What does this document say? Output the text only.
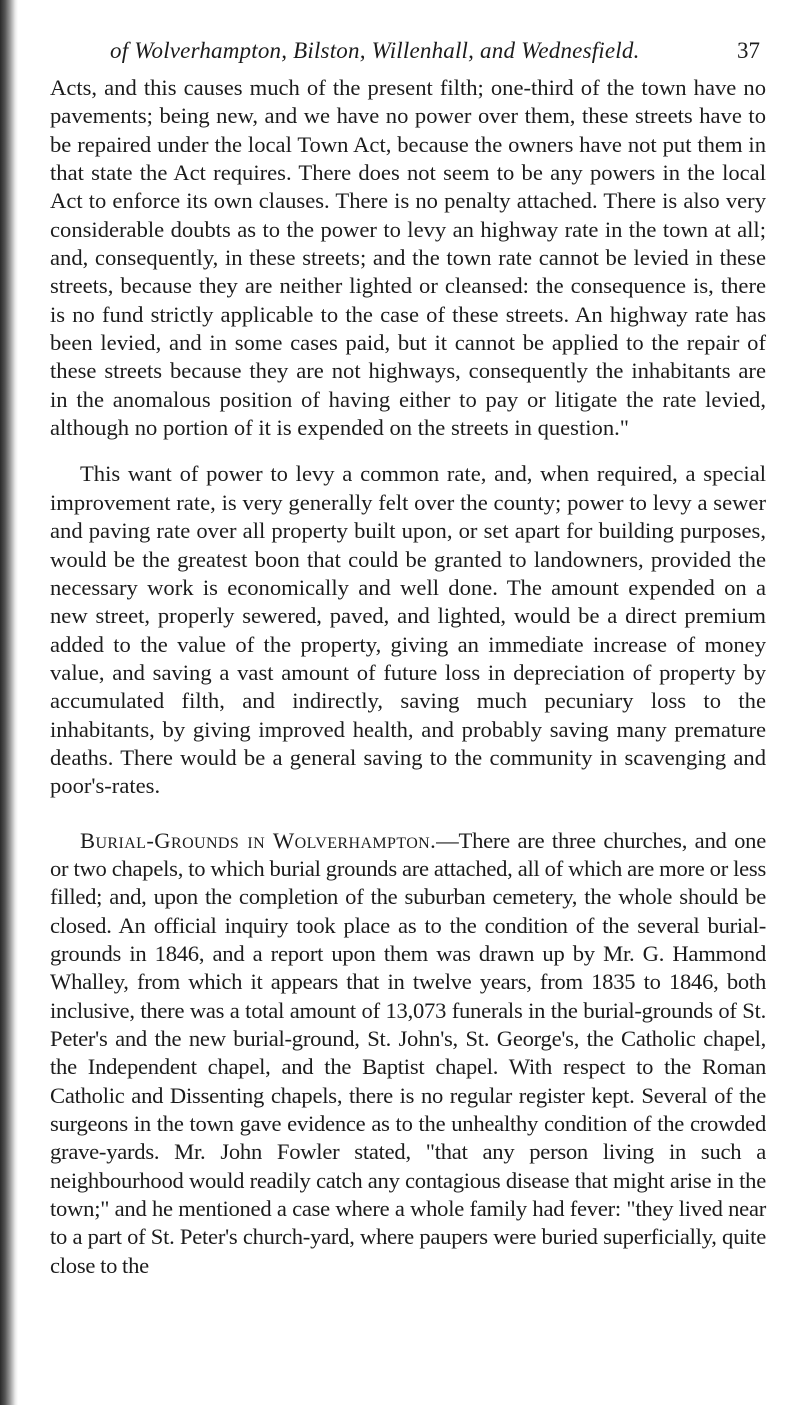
of Wolverhampton, Bilston, Willenhall, and Wednesfield.	37

Acts, and this causes much of the present filth; one-third of the town have no pavements; being new, and we have no power over them, these streets have to be repaired under the local Town Act, because the owners have not put them in that state the Act requires. There does not seem to be any powers in the local Act to enforce its own clauses. There is no penalty attached. There is also very considerable doubts as to the power to levy an highway rate in the town at all; and, consequently, in these streets; and the town rate cannot be levied in these streets, because they are neither lighted or cleansed: the consequence is, there is no fund strictly applicable to the case of these streets. An highway rate has been levied, and in some cases paid, but it cannot be applied to the repair of these streets because they are not highways, consequently the inhabitants are in the anomalous position of having either to pay or litigate the rate levied, although no portion of it is expended on the streets in question."

This want of power to levy a common rate, and, when required, a special improvement rate, is very generally felt over the county; power to levy a sewer and paving rate over all property built upon, or set apart for building purposes, would be the greatest boon that could be granted to landowners, provided the necessary work is economically and well done. The amount expended on a new street, properly sewered, paved, and lighted, would be a direct premium added to the value of the property, giving an immediate increase of money value, and saving a vast amount of future loss in depreciation of property by accumulated filth, and indirectly, saving much pecuniary loss to the inhabitants, by giving improved health, and probably saving many premature deaths. There would be a general saving to the community in scavenging and poor's-rates.

Burial-Grounds in Wolverhampton.—There are three churches, and one or two chapels, to which burial grounds are attached, all of which are more or less filled; and, upon the completion of the suburban cemetery, the whole should be closed. An official inquiry took place as to the condition of the several burial-grounds in 1846, and a report upon them was drawn up by Mr. G. Hammond Whalley, from which it appears that in twelve years, from 1835 to 1846, both inclusive, there was a total amount of 13,073 funerals in the burial-grounds of St. Peter's and the new burial-ground, St. John's, St. George's, the Catholic chapel, the Independent chapel, and the Baptist chapel. With respect to the Roman Catholic and Dissenting chapels, there is no regular register kept. Several of the surgeons in the town gave evidence as to the unhealthy condition of the crowded grave-yards. Mr. John Fowler stated, "that any person living in such a neighbourhood would readily catch any contagious disease that might arise in the town;" and he mentioned a case where a whole family had fever: "they lived near to a part of St. Peter's church-yard, where paupers were buried superficially, quite close to the
